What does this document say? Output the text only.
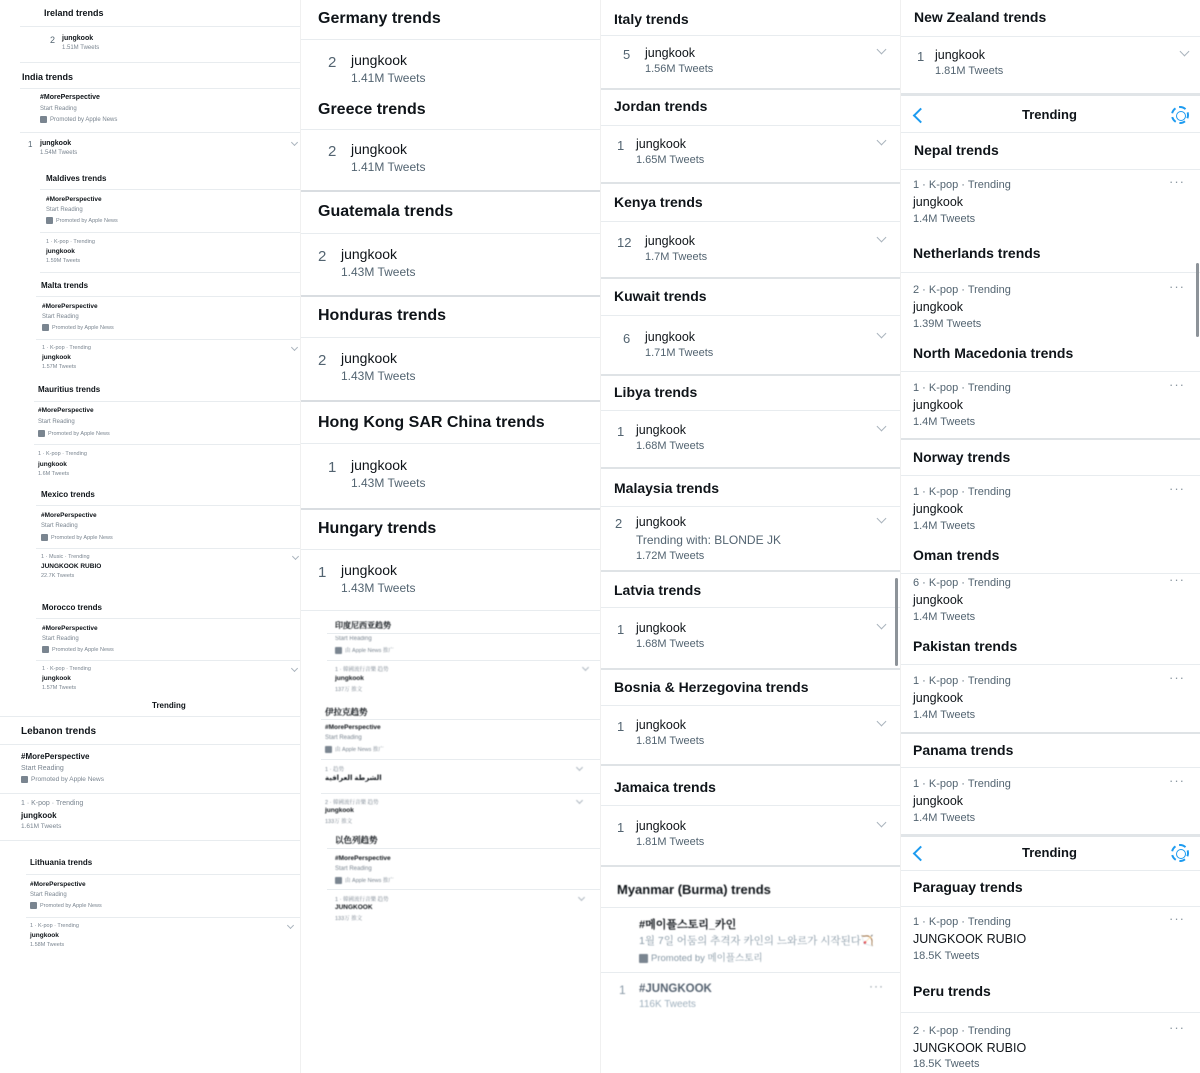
Ireland trends
2 jungkook
1.51M Tweets
India trends
#MorePerspective
Start Reading
Promoted by Apple News
1 jungkook
1.54M Tweets
Maldives trends
#MorePerspective
Start Reading
Promoted by Apple News
1 · K-pop · Trending
jungkook
1.59M Tweets
Malta trends
#MorePerspective
Start Reading
Promoted by Apple News
1 · K-pop · Trending
jungkook
1.57M Tweets
Mauritius trends
#MorePerspective
Start Reading
Promoted by Apple News
1 · K-pop · Trending
jungkook
1.6M Tweets
Mexico trends
#MorePerspective
Start Reading
Promoted by Apple News
1 · Music · Trending
JUNGKOOK RUBIO
22.7K Tweets
Morocco trends
#MorePerspective
Start Reading
Promoted by Apple News
1 · K-pop · Trending
jungkook
1.57M Tweets
Trending
Lebanon trends
#MorePerspective
Start Reading
Promoted by Apple News
1 · K-pop · Trending
jungkook
1.61M Tweets
Lithuania trends
#MorePerspective
Start Reading
Promoted by Apple News
1 · K-pop · Trending
jungkook
1.58M Tweets
Germany trends
2 jungkook
1.41M Tweets
Greece trends
2 jungkook
1.41M Tweets
Guatemala trends
2 jungkook
1.43M Tweets
Honduras trends
2 jungkook
1.43M Tweets
Hong Kong SAR China trends
1 jungkook
1.43M Tweets
Hungary trends
1 jungkook
1.43M Tweets
印度尼西亚趋势
Start Reading
由 Apple News 推广
1 · 韓國流行音樂 趋势
jungkook
137万 推文
伊拉克趋势
#MorePerspective
Start Reading
由 Apple News 推广
1 · 趋势
الشرطة العراقية
2 · 韓國流行音樂 趋势
jungkook
133万 推文
以色列趋势
#MorePerspective
Start Reading
由 Apple News 推广
1 · 韓國流行音樂 趋势
JUNGKOOK
133万 推文
Italy trends
5 jungkook
1.56M Tweets
Jordan trends
1 jungkook
1.65M Tweets
Kenya trends
12 jungkook
1.7M Tweets
Kuwait trends
6 jungkook
1.71M Tweets
Libya trends
1 jungkook
1.68M Tweets
Malaysia trends
2 jungkook
Trending with: BLONDE JK
1.72M Tweets
Latvia trends
1 jungkook
1.68M Tweets
Bosnia & Herzegovina trends
1 jungkook
1.81M Tweets
Jamaica trends
1 jungkook
1.81M Tweets
Myanmar (Burma) trends
#메이플스토리_카인
1월 7일 어둠의 추격자 카인의 느와르가 시작된다🏹
Promoted by 메이플스토리
1 #JUNGKOOK
116K Tweets
···
New Zealand trends
1 jungkook
1.81M Tweets
Trending
Nepal trends
1 · K-pop · Trending
jungkook
1.4M Tweets
···
Netherlands trends
2 · K-pop · Trending
jungkook
1.39M Tweets
···
North Macedonia trends
1 · K-pop · Trending
jungkook
1.4M Tweets
···
Norway trends
1 · K-pop · Trending
jungkook
1.4M Tweets
···
Oman trends
6 · K-pop · Trending
jungkook
1.4M Tweets
···
Pakistan trends
1 · K-pop · Trending
jungkook
1.4M Tweets
···
Panama trends
1 · K-pop · Trending
jungkook
1.4M Tweets
···
Trending
Paraguay trends
1 · K-pop · Trending
JUNGKOOK RUBIO
18.5K Tweets
···
Peru trends
2 · K-pop · Trending
JUNGKOOK RUBIO
18.5K Tweets
···
